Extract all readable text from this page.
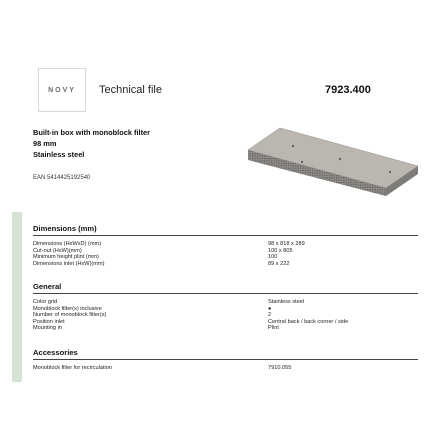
NOVY Technical file	7923.400
Built-in box with monoblock filter
98 mm
Stainless steel
EAN 5414425192540
Dimensions (mm)
Dimensions (HxWxD) (mm)	98 x 818 x 289
Cut-out (HxW)(mm)	100 x 805
Minimum height plint (mm)	100
Dimensions inlet (HxW)(mm)	89 x 222
General
Color grid	Stainless steel
Monoblock filter(s) inclusive	●
Number of monoblock filter(s)	2
Position inlet	Central back / back corner / side
Mounting in	Plint
Accessories
Monoblock filter for recirculation	7910.055
